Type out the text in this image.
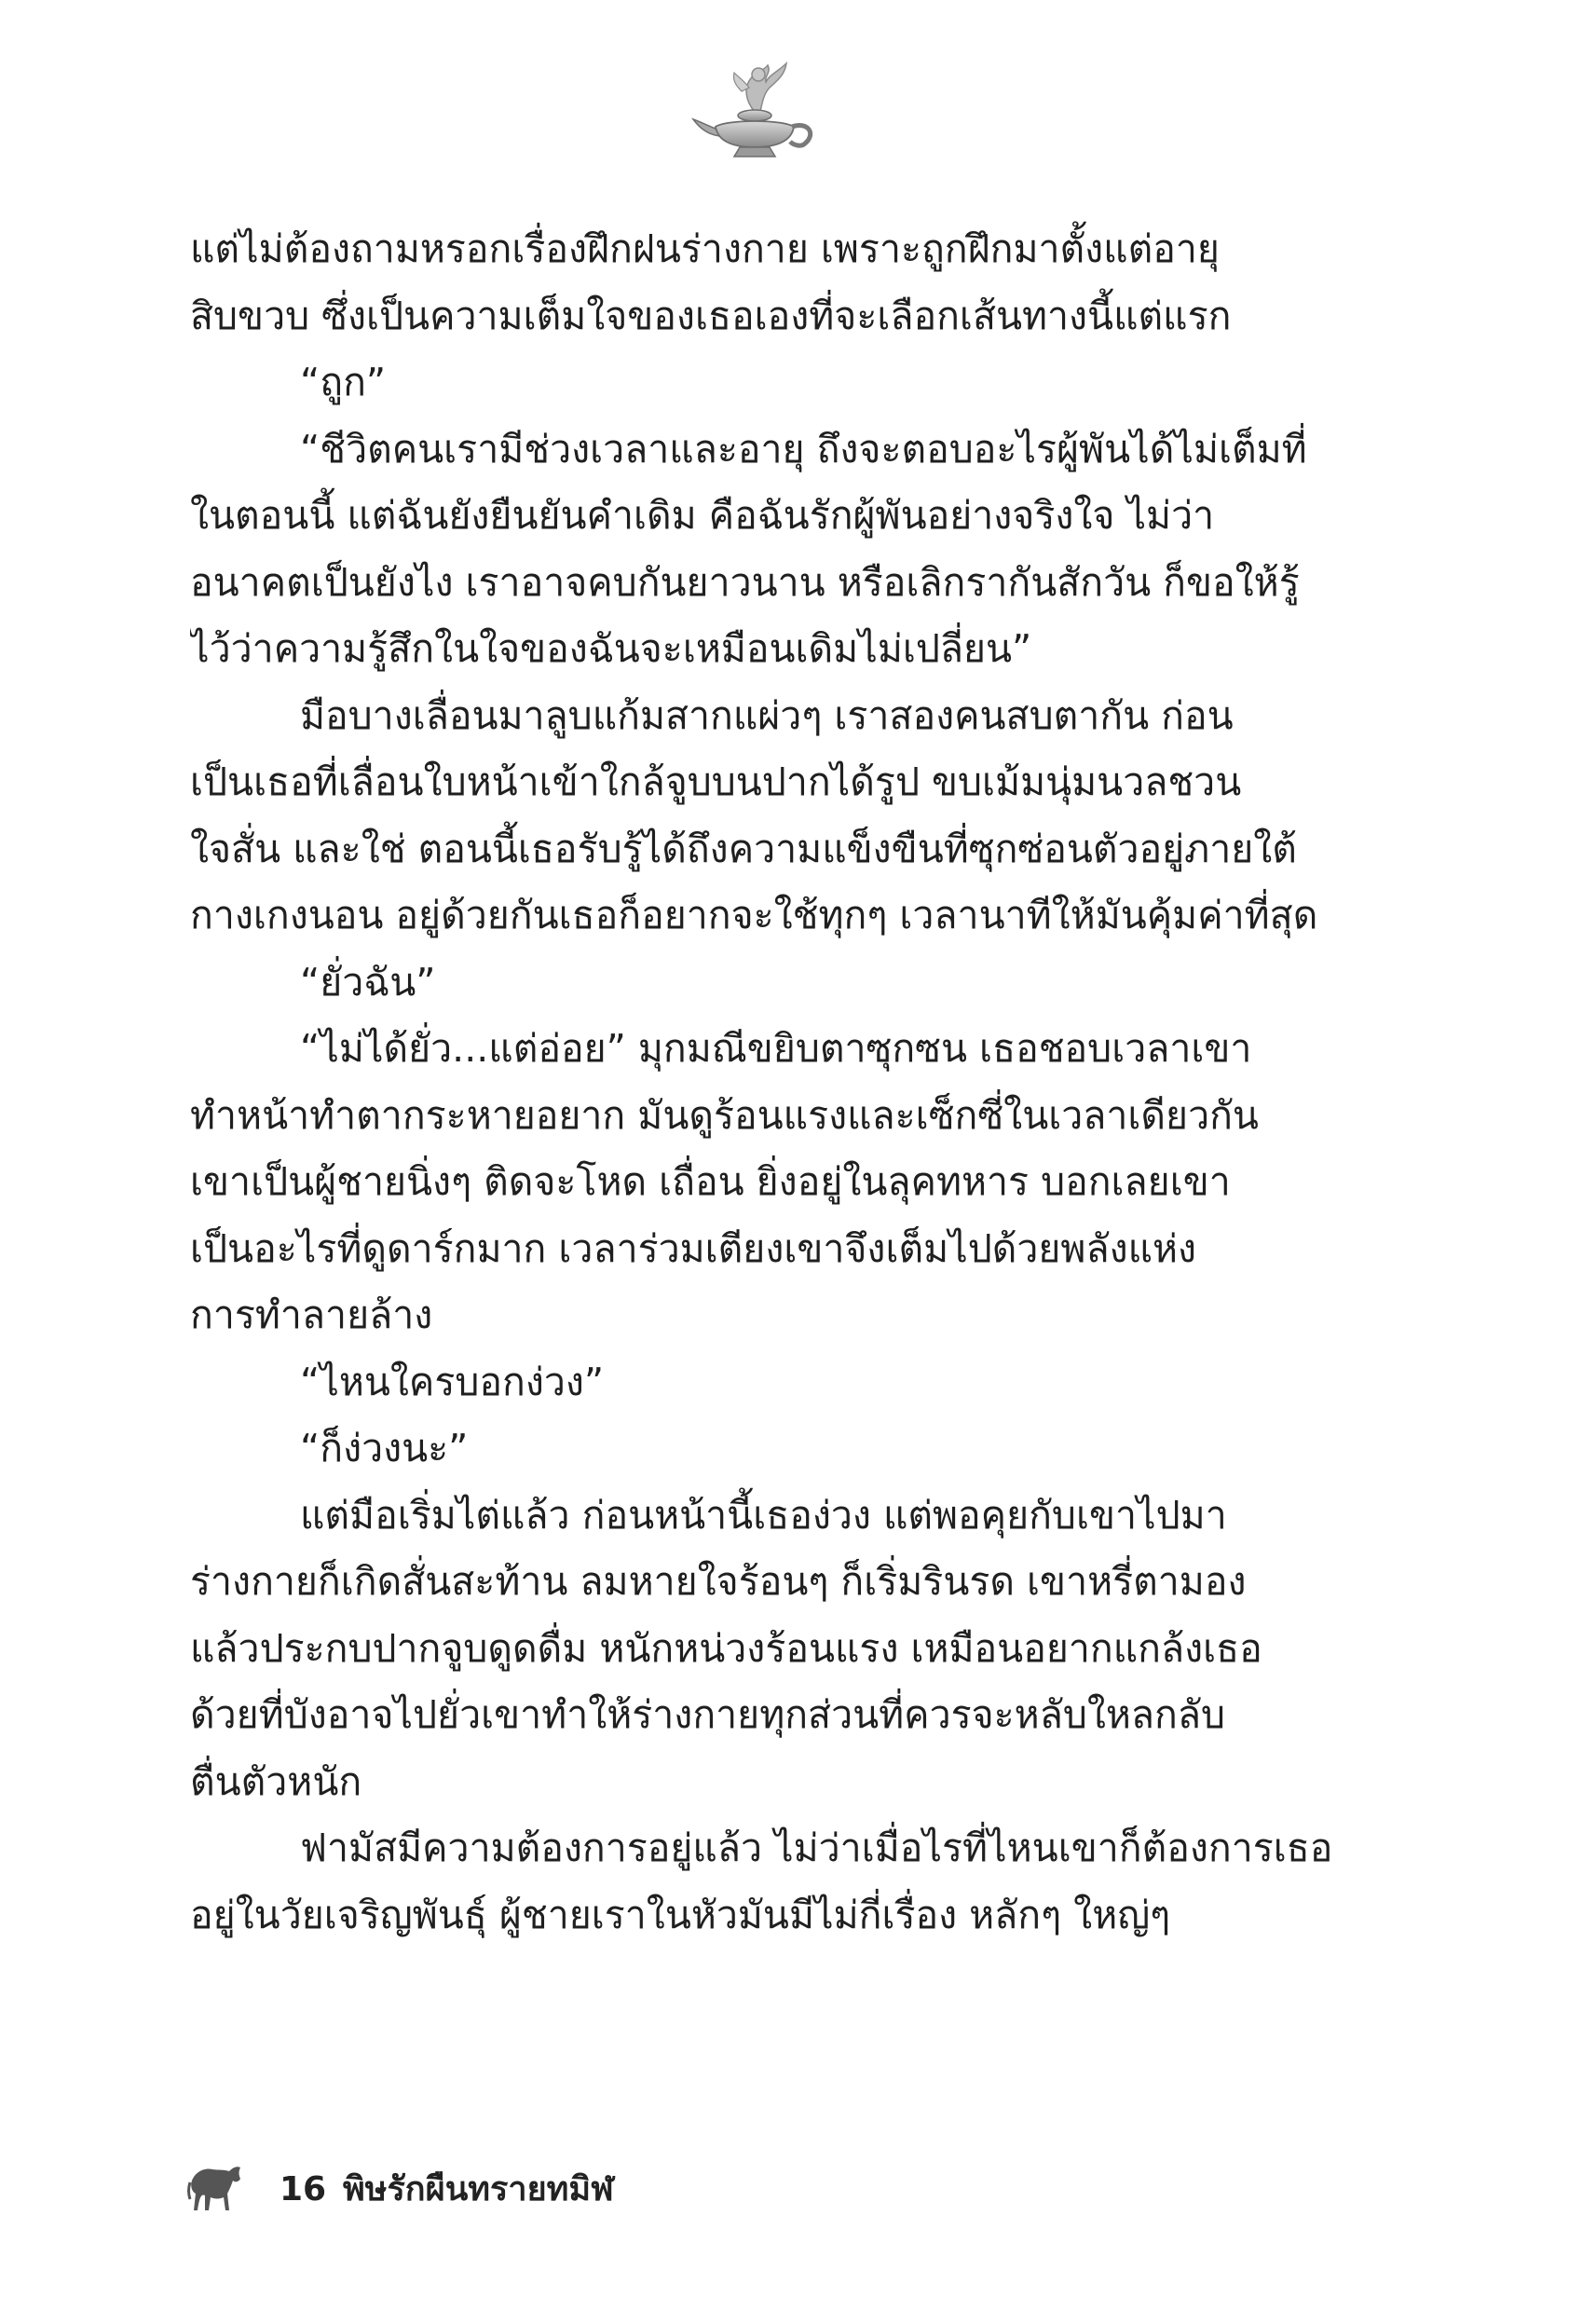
แต่ไม่ต้องถามหรอกเรื่องฝึกฝนร่างกาย เพราะถูกฝึกมาตั้งแต่อายุ
สิบขวบ ซึ่งเป็นความเต็มใจของเธอเองที่จะเลือกเส้นทางนี้แต่แรก
“ถูก”
“ชีวิตคนเรามีช่วงเวลาและอายุ ถึงจะตอบอะไรผู้พันได้ไม่เต็มที่
ในตอนนี้ แต่ฉันยังยืนยันคำเดิม คือฉันรักผู้พันอย่างจริงใจ ไม่ว่า
อนาคตเป็นยังไง เราอาจคบกันยาวนาน หรือเลิกรากันสักวัน ก็ขอให้รู้
ไว้ว่าความรู้สึกในใจของฉันจะเหมือนเดิมไม่เปลี่ยน”
มือบางเลื่อนมาลูบแก้มสากแผ่วๆ เราสองคนสบตากัน ก่อน
เป็นเธอที่เลื่อนใบหน้าเข้าใกล้จูบบนปากได้รูป ขบเม้มนุ่มนวลชวน
ใจสั่น และใช่ ตอนนี้เธอรับรู้ได้ถึงความแข็งขืนที่ซุกซ่อนตัวอยู่ภายใต้
กางเกงนอน อยู่ด้วยกันเธอก็อยากจะใช้ทุกๆ เวลานาทีให้มันคุ้มค่าที่สุด
“ยั่วฉัน”
“ไม่ได้ยั่ว...แต่อ่อย” มุกมณีขยิบตาซุกซน เธอชอบเวลาเขา
ทำหน้าทำตากระหายอยาก มันดูร้อนแรงและเซ็กซี่ในเวลาเดียวกัน
เขาเป็นผู้ชายนิ่งๆ ติดจะโหด เถื่อน ยิ่งอยู่ในลุคทหาร บอกเลยเขา
เป็นอะไรที่ดูดาร์กมาก เวลาร่วมเตียงเขาจึงเต็มไปด้วยพลังแห่ง
การทำลายล้าง
“ไหนใครบอกง่วง”
“ก็ง่วงนะ”
แต่มือเริ่มไต่แล้ว ก่อนหน้านี้เธอง่วง แต่พอคุยกับเขาไปมา
ร่างกายก็เกิดสั่นสะท้าน ลมหายใจร้อนๆ ก็เริ่มรินรด เขาหรี่ตามอง
แล้วประกบปากจูบดูดดื่ม หนักหน่วงร้อนแรง เหมือนอยากแกล้งเธอ
ด้วยที่บังอาจไปยั่วเขาทำให้ร่างกายทุกส่วนที่ควรจะหลับใหลกลับ
ตื่นตัวหนัก
ฟามัสมีความต้องการอยู่แล้ว ไม่ว่าเมื่อไรที่ไหนเขาก็ต้องการเธอ
อยู่ในวัยเจริญพันธุ์ ผู้ชายเราในหัวมันมีไม่กี่เรื่อง หลักๆ ใหญ่ๆ
16 พิษรักผืนทรายทมิฬ
